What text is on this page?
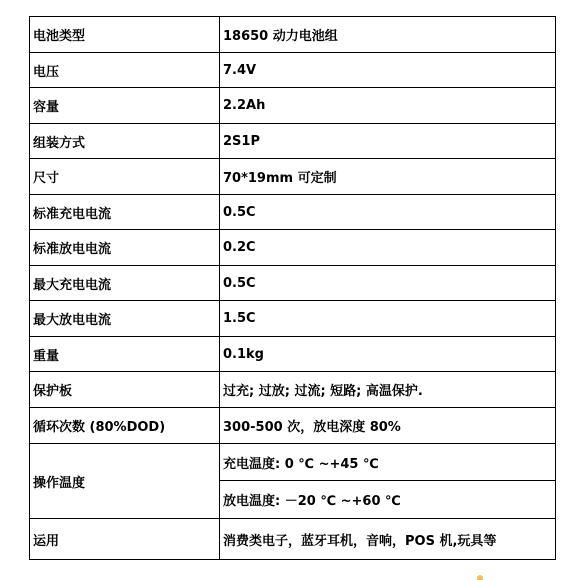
电池类型	18650 动力电池组
电压	7.4V
容量	2.2Ah
组装方式	2S1P
尺寸	70*19mm 可定制
标准充电电流	0.5C
标准放电电流	0.2C
最大充电电流	0.5C
最大放电电流	1.5C
重量	0.1kg
保护板	过充; 过放; 过流; 短路; 高温保护.
循环次数 (80%DOD)	300-500 次，放电深度 80%
操作温度	充电温度: 0 ℃ ~+45 ℃
	放电温度: －20 ℃ ~+60 ℃
运用	消费类电子，蓝牙耳机，音响，POS 机,玩具等
